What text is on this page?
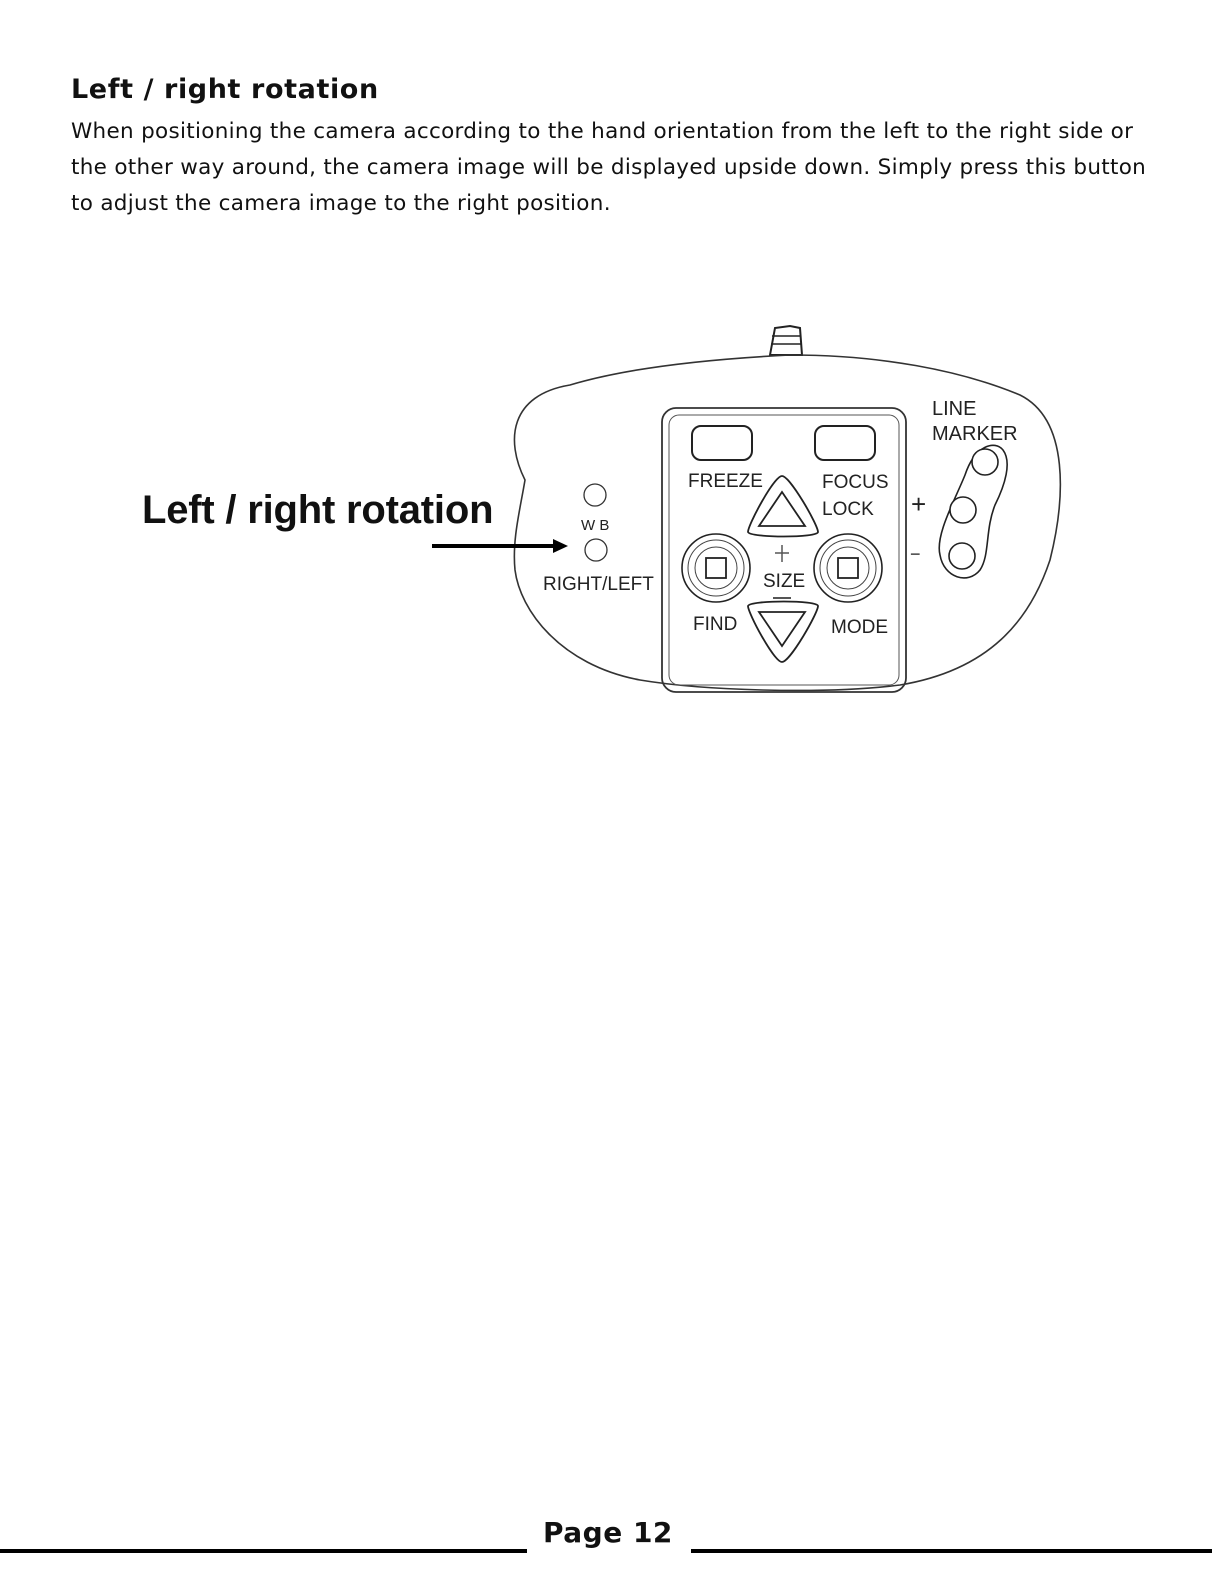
Left / right rotation

When positioning the camera according to the hand orientation from the left to the right side or the other way around, the camera image will be displayed upside down. Simply press this button to adjust the camera image to the right position.

LINE
MARKER
FREEZE	FOCUS
LOCK
W B
RIGHT/LEFT	SIZE
FIND	MODE
+
−
Left / right rotation
Page 12
